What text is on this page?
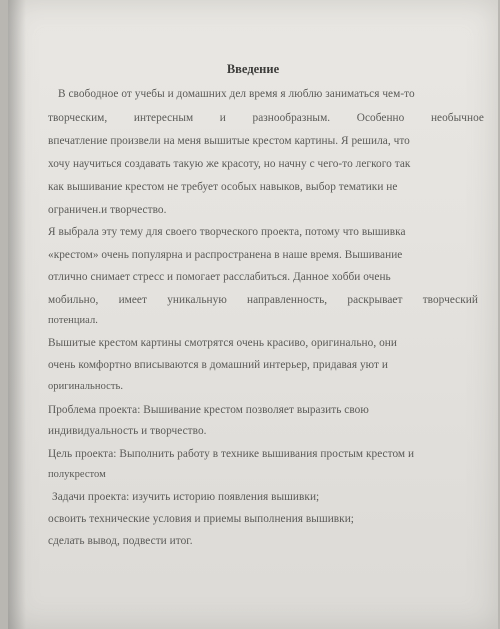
Введение
В свободное от учебы и домашних дел время я люблю заниматься чем-то
творческим, интересным и разнообразным. Особенно необычное
впечатление произвели на меня вышитые крестом картины. Я решила, что
хочу научиться создавать такую же красоту, но начну с чего-то легкого так
как вышивание крестом не требует особых навыков, выбор тематики не
ограничен.и творчество.
Я выбрала эту тему для своего творческого проекта, потому что вышивка
«крестом» очень популярна и распространена в наше время. Вышивание
отлично снимает стресс и помогает расслабиться. Данное хобби очень
мобильно, имеет уникальную направленность, раскрывает творческий
потенциал.
Вышитые крестом картины смотрятся очень красиво, оригинально, они
очень комфортно вписываются в домашний интерьер, придавая уют и
оригинальность.
Проблема проекта: Вышивание крестом позволяет выразить свою
индивидуальность и творчество.
Цель проекта: Выполнить работу в технике вышивания простым крестом и
полукрестом
Задачи проекта: изучить историю появления вышивки;
освоить технические условия и приемы выполнения вышивки;
сделать вывод, подвести итог.
